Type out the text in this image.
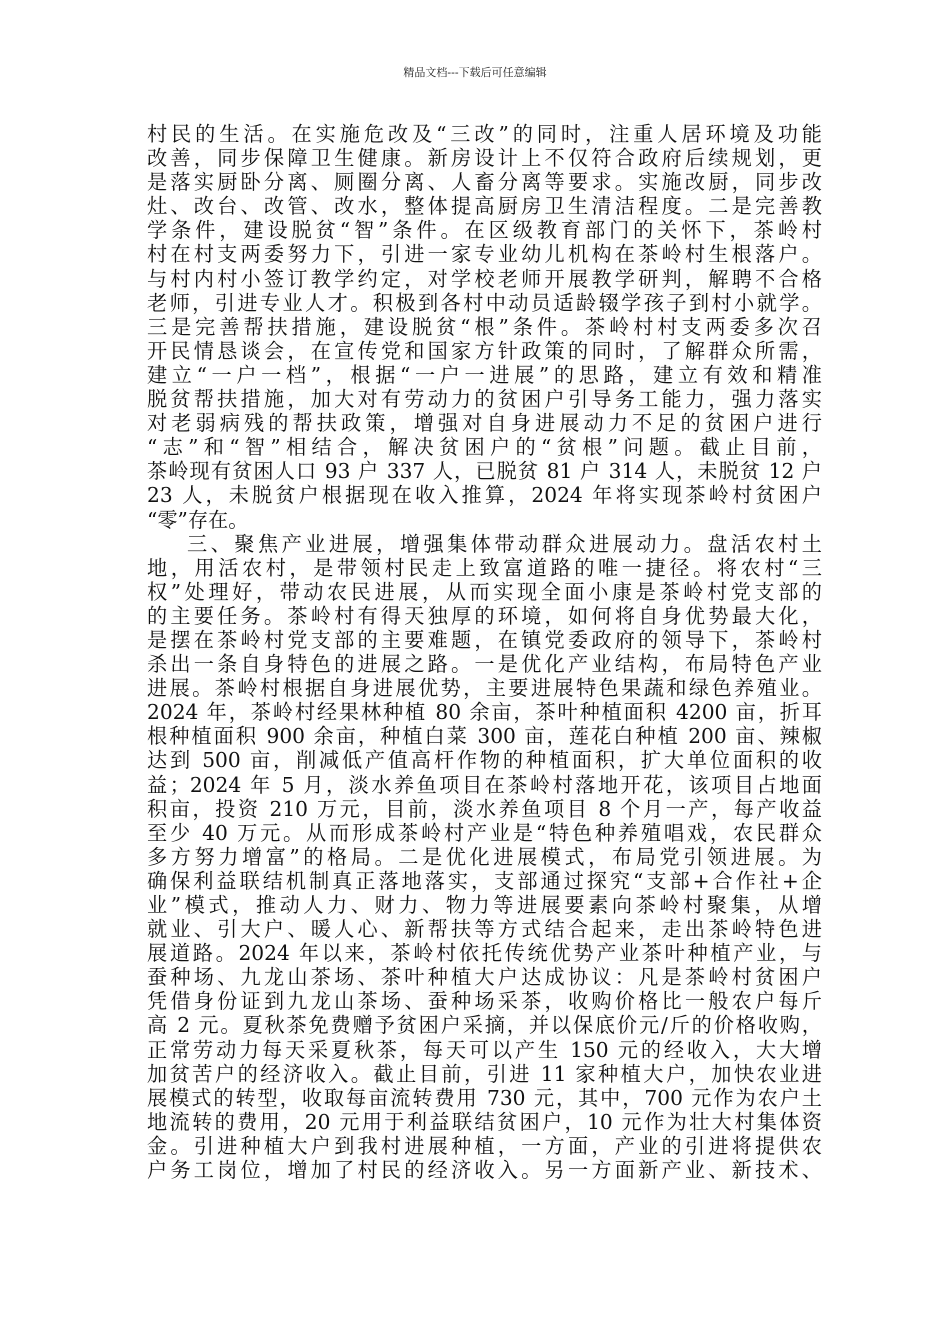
精品文档---下载后可任意编辑
村民的生活。在实施危改及“三改”的同时，注重人居环境及功能
改善，同步保障卫生健康。新房设计上不仅符合政府后续规划，更
是落实厨卧分离、厕圈分离、人畜分离等要求。实施改厨，同步改
灶、改台、改管、改水，整体提高厨房卫生清洁程度。二是完善教
学条件，建设脱贫“智”条件。在区级教育部门的关怀下，茶岭村
村在村支两委努力下，引进一家专业幼儿机构在茶岭村生根落户。
与村内村小签订教学约定，对学校老师开展教学研判，解聘不合格
老师，引进专业人才。积极到各村中动员适龄辍学孩子到村小就学。
三是完善帮扶措施，建设脱贫“根”条件。茶岭村村支两委多次召
开民情恳谈会，在宣传党和国家方针政策的同时，了解群众所需，
建立“一户一档”，根据“一户一进展”的思路，建立有效和精准
脱贫帮扶措施，加大对有劳动力的贫困户引导务工能力，强力落实
对老弱病残的帮扶政策，增强对自身进展动力不足的贫困户进行
“志”和“智”相结合，解决贫困户的“贫根”问题。截止目前，
茶岭现有贫困人口 93 户 337 人，已脱贫 81 户 314 人，未脱贫 12 户
23 人，未脱贫户根据现在收入推算，2024 年将实现茶岭村贫困户
“零”存在。
三、聚焦产业进展，增强集体带动群众进展动力。盘活农村土
地，用活农村，是带领村民走上致富道路的唯一捷径。将农村“三
权”处理好，带动农民进展，从而实现全面小康是茶岭村党支部的
的主要任务。茶岭村有得天独厚的环境，如何将自身优势最大化，
是摆在茶岭村党支部的主要难题，在镇党委政府的领导下，茶岭村
杀出一条自身特色的进展之路。一是优化产业结构，布局特色产业
进展。茶岭村根据自身进展优势，主要进展特色果蔬和绿色养殖业。
2024 年，茶岭村经果林种植 80 余亩，茶叶种植面积 4200 亩，折耳
根种植面积 900 余亩，种植白菜 300 亩，莲花白种植 200 亩、辣椒
达到 500 亩，削减低产值高杆作物的种植面积，扩大单位面积的收
益；2024 年 5 月，淡水养鱼项目在茶岭村落地开花，该项目占地面
积亩，投资 210 万元，目前，淡水养鱼项目 8 个月一产，每产收益
至少 40 万元。从而形成茶岭村产业是“特色种养殖唱戏，农民群众
多方努力增富”的格局。二是优化进展模式，布局党引领进展。为
确保利益联结机制真正落地落实，支部通过探究“支部+合作社+企
业”模式，推动人力、财力、物力等进展要素向茶岭村聚集，从增
就业、引大户、暖人心、新帮扶等方式结合起来，走出茶岭特色进
展道路。2024 年以来，茶岭村依托传统优势产业茶叶种植产业，与
蚕种场、九龙山茶场、茶叶种植大户达成协议：凡是茶岭村贫困户
凭借身份证到九龙山茶场、蚕种场采茶，收购价格比一般农户每斤
高 2 元。夏秋茶免费赠予贫困户采摘，并以保底价元/斤的价格收购，
正常劳动力每天采夏秋茶，每天可以产生 150 元的经收入，大大增
加贫苦户的经济收入。截止目前，引进 11 家种植大户，加快农业进
展模式的转型，收取每亩流转费用 730 元，其中，700 元作为农户土
地流转的费用，20 元用于利益联结贫困户，10 元作为壮大村集体资
金。引进种植大户到我村进展种植，一方面，产业的引进将提供农
户务工岗位，增加了村民的经济收入。另一方面新产业、新技术、
